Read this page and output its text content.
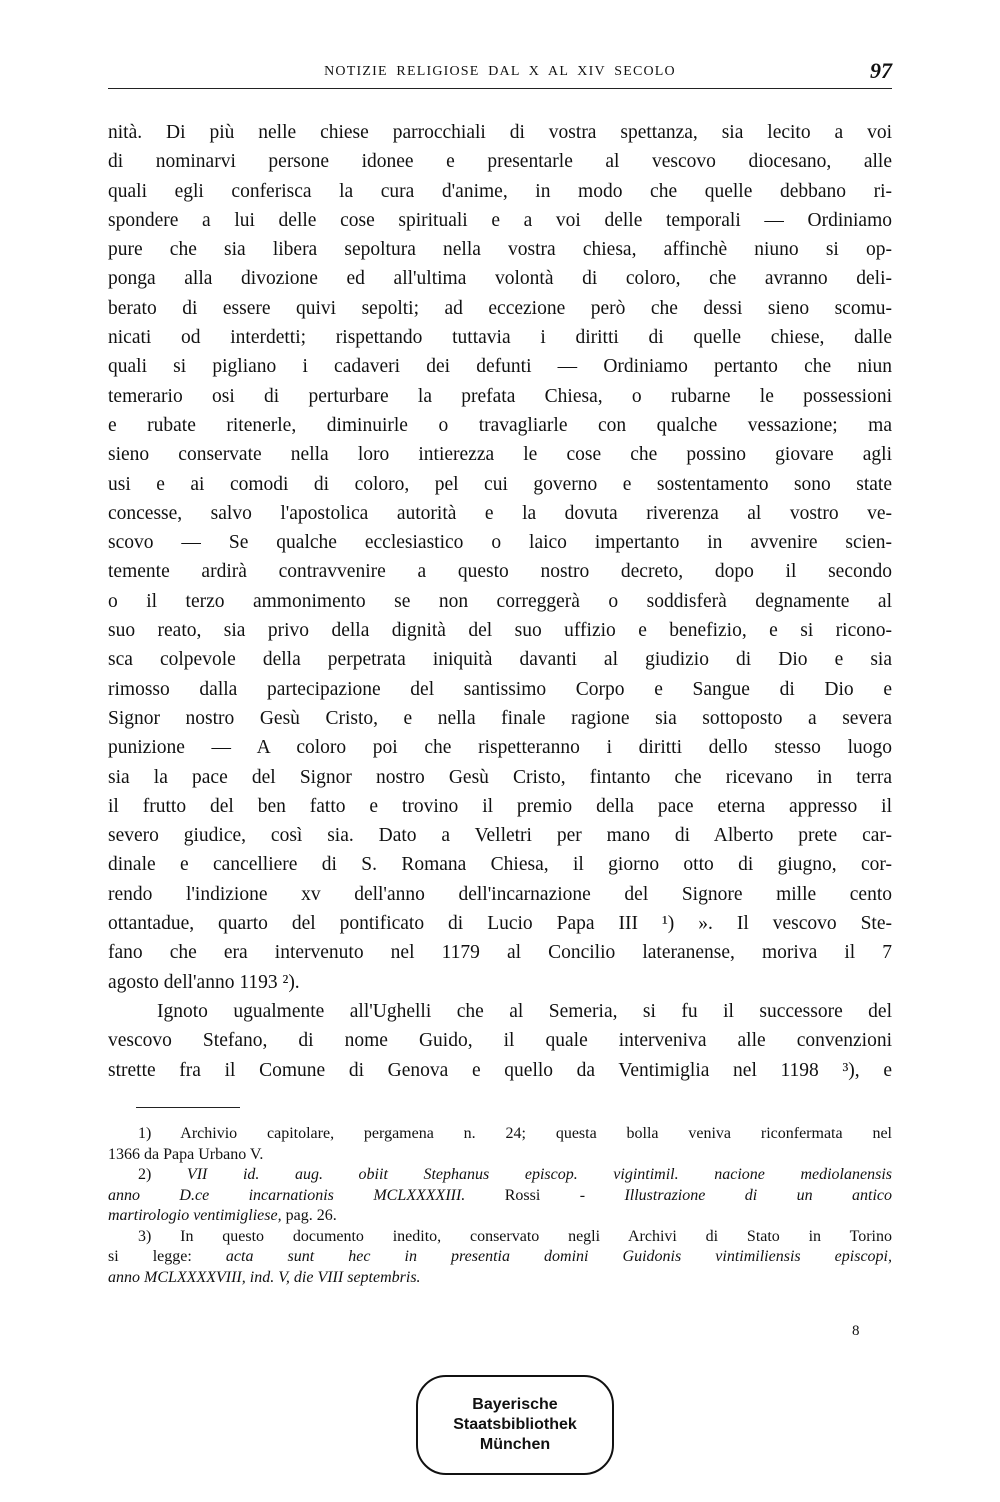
NOTIZIE RELIGIOSE DAL X AL XIV SECOLO	97
nità. Di più nelle chiese parrocchiali di vostra spettanza, sia lecito a voi
di nominarvi persone idonee e presentarle al vescovo diocesano, alle
quali egli conferisca la cura d'anime, in modo che quelle debbano ri-
spondere a lui delle cose spirituali e a voi delle temporali — Ordiniamo
pure che sia libera sepoltura nella vostra chiesa, affinchè niuno si op-
ponga alla divozione ed all'ultima volontà di coloro, che avranno deli-
berato di essere quivi sepolti; ad eccezione però che dessi sieno scomu-
nicati od interdetti; rispettando tuttavia i diritti di quelle chiese, dalle
quali si pigliano i cadaveri dei defunti — Ordiniamo pertanto che niun
temerario osi di perturbare la prefata Chiesa, o rubarne le possessioni
e rubate ritenerle, diminuirle o travagliarle con qualche vessazione; ma
sieno conservate nella loro intierezza le cose che possino giovare agli
usi e ai comodi di coloro, pel cui governo e sostentamento sono state
concesse, salvo l'apostolica autorità e la dovuta riverenza al vostro ve-
scovo — Se qualche ecclesiastico o laico impertanto in avvenire scien-
temente ardirà contravvenire a questo nostro decreto, dopo il secondo
o il terzo ammonimento se non correggerà o soddisferà degnamente al
suo reato, sia privo della dignità del suo uffizio e benefizio, e si ricono-
sca colpevole della perpetrata iniquità davanti al giudizio di Dio e sia
rimosso dalla partecipazione del santissimo Corpo e Sangue di Dio e
Signor nostro Gesù Cristo, e nella finale ragione sia sottoposto a severa
punizione — A coloro poi che rispetteranno i diritti dello stesso luogo
sia la pace del Signor nostro Gesù Cristo, fintanto che ricevano in terra
il frutto del ben fatto e trovino il premio della pace eterna appresso il
severo giudice, così sia. Dato a Velletri per mano di Alberto prete car-
dinale e cancelliere di S. Romana Chiesa, il giorno otto di giugno, cor-
rendo l'indizione xv dell'anno dell'incarnazione del Signore mille cento
ottantadue, quarto del pontificato di Lucio Papa III ¹) ». Il vescovo Ste-
fano che era intervenuto nel 1179 al Concilio lateranense, moriva il 7
agosto dell'anno 1193 ²).
Ignoto ugualmente all'Ughelli che al Semeria, si fu il successore del
vescovo Stefano, di nome Guido, il quale interveniva alle convenzioni
strette fra il Comune di Genova e quello da Ventimiglia nel 1198 ³), e
1) Archivio capitolare, pergamena n. 24; questa bolla veniva riconfermata nel
1366 da Papa Urbano V.
2) VII id. aug. obiit Stephanus episcop. vigintimil. nacione mediolanensis
anno D.ce incarnationis MCLXXXXIII. Rossi - Illustrazione di un antico
martirologio ventimigliese, pag. 26.
3) In questo documento inedito, conservato negli Archivi di Stato in Torino
si legge: acta sunt hec in presentia domini Guidonis vintimiliensis episcopi,
anno MCLXXXXVIII, ind. V, die VIII septembris.
8
Bayerische
Staatsbibliothek
München
